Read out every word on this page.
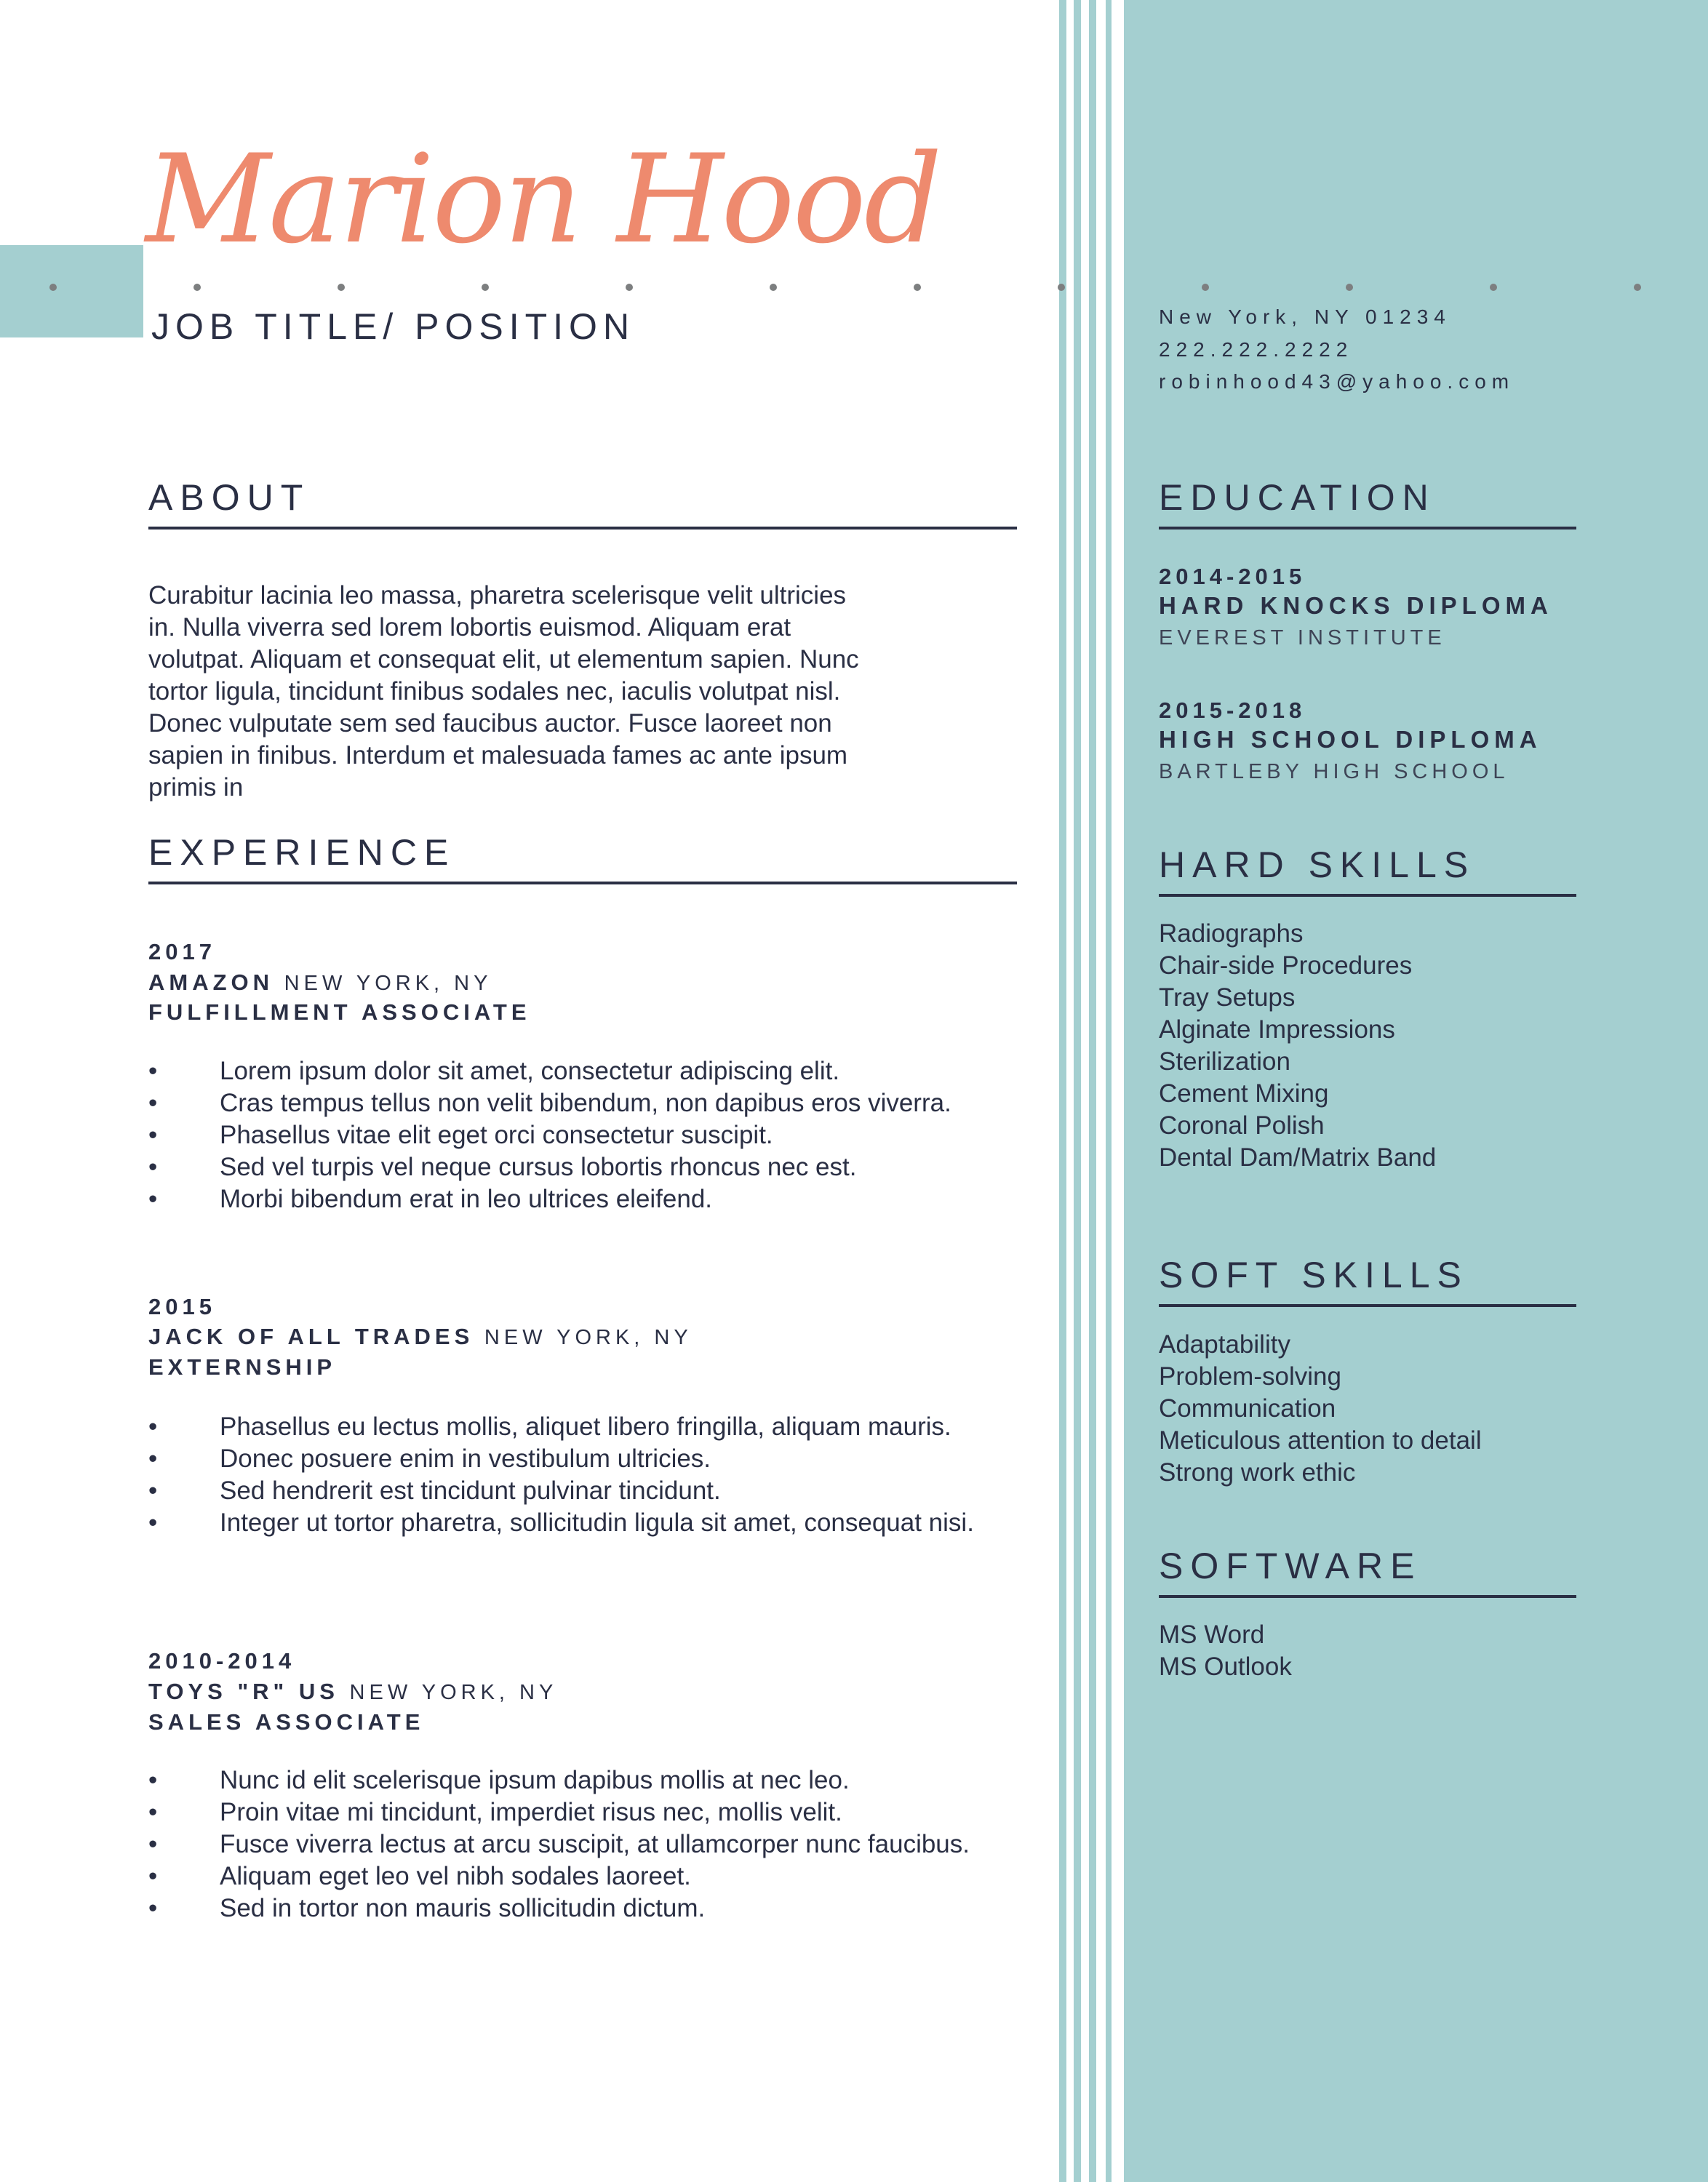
Marion Hood
JOB TITLE/ POSITION	New York, NY 01234
222.222.2222
robinhood43@yahoo.com
ABOUT
Curabitur lacinia leo massa, pharetra scelerisque velit ultricies in. Nulla viverra sed lorem lobortis euismod. Aliquam erat volutpat. Aliquam et consequat elit, ut elementum sapien. Nunc tortor ligula, tincidunt finibus sodales nec, iaculis volutpat nisl. Donec vulputate sem sed faucibus auctor. Fusce laoreet non sapien in finibus. Interdum et malesuada fames ac ante ipsum primis in
EXPERIENCE
2017
AMAZON NEW YORK, NY
FULFILLMENT ASSOCIATE
• Lorem ipsum dolor sit amet, consectetur adipiscing elit.
• Cras tempus tellus non velit bibendum, non dapibus eros viverra.
• Phasellus vitae elit eget orci consectetur suscipit.
• Sed vel turpis vel neque cursus lobortis rhoncus nec est.
• Morbi bibendum erat in leo ultrices eleifend.
2015
JACK OF ALL TRADES NEW YORK, NY
EXTERNSHIP
• Phasellus eu lectus mollis, aliquet libero fringilla, aliquam mauris.
• Donec posuere enim in vestibulum ultricies.
• Sed hendrerit est tincidunt pulvinar tincidunt.
• Integer ut tortor pharetra, sollicitudin ligula sit amet, consequat nisi.
2010-2014
TOYS "R" US NEW YORK, NY
SALES ASSOCIATE
• Nunc id elit scelerisque ipsum dapibus mollis at nec leo.
• Proin vitae mi tincidunt, imperdiet risus nec, mollis velit.
• Fusce viverra lectus at arcu suscipit, at ullamcorper nunc faucibus.
• Aliquam eget leo vel nibh sodales laoreet.
• Sed in tortor non mauris sollicitudin dictum.
EDUCATION
2014-2015
HARD KNOCKS DIPLOMA
EVEREST INSTITUTE
2015-2018
HIGH SCHOOL DIPLOMA
BARTLEBY HIGH SCHOOL
HARD SKILLS
Radiographs
Chair-side Procedures
Tray Setups
Alginate Impressions
Sterilization
Cement Mixing
Coronal Polish
Dental Dam/Matrix Band
SOFT SKILLS
Adaptability
Problem-solving
Communication
Meticulous attention to detail
Strong work ethic
SOFTWARE
MS Word
MS Outlook
